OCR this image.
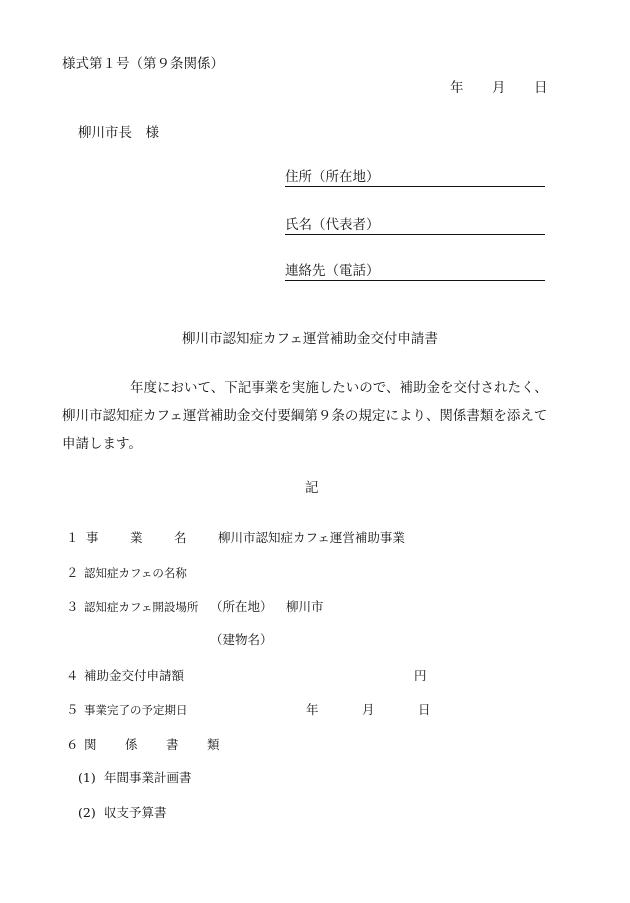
様式第１号（第９条関係）
年 月 日
柳川市長　様
住所（所在地）
氏名（代表者）
連絡先（電話）
柳川市認知症カフェ運営補助金交付申請書
年度において、下記事業を実施したいので、補助金を交付されたく、
柳川市認知症カフェ運営補助金交付要綱第９条の規定により、関係書類を添えて
申請します。
記
１ 事	業	名	柳川市認知症カフェ運営補助事業
２ 認知症カフェの名称
３ 認知症カフェ開設場所 （所在地） 柳川市
（建物名）
４ 補助金交付申請額	円
５ 事業完了の予定期日	年	月	日
６ 関 係 書 類
(1) 年間事業計画書
(2) 収支予算書
